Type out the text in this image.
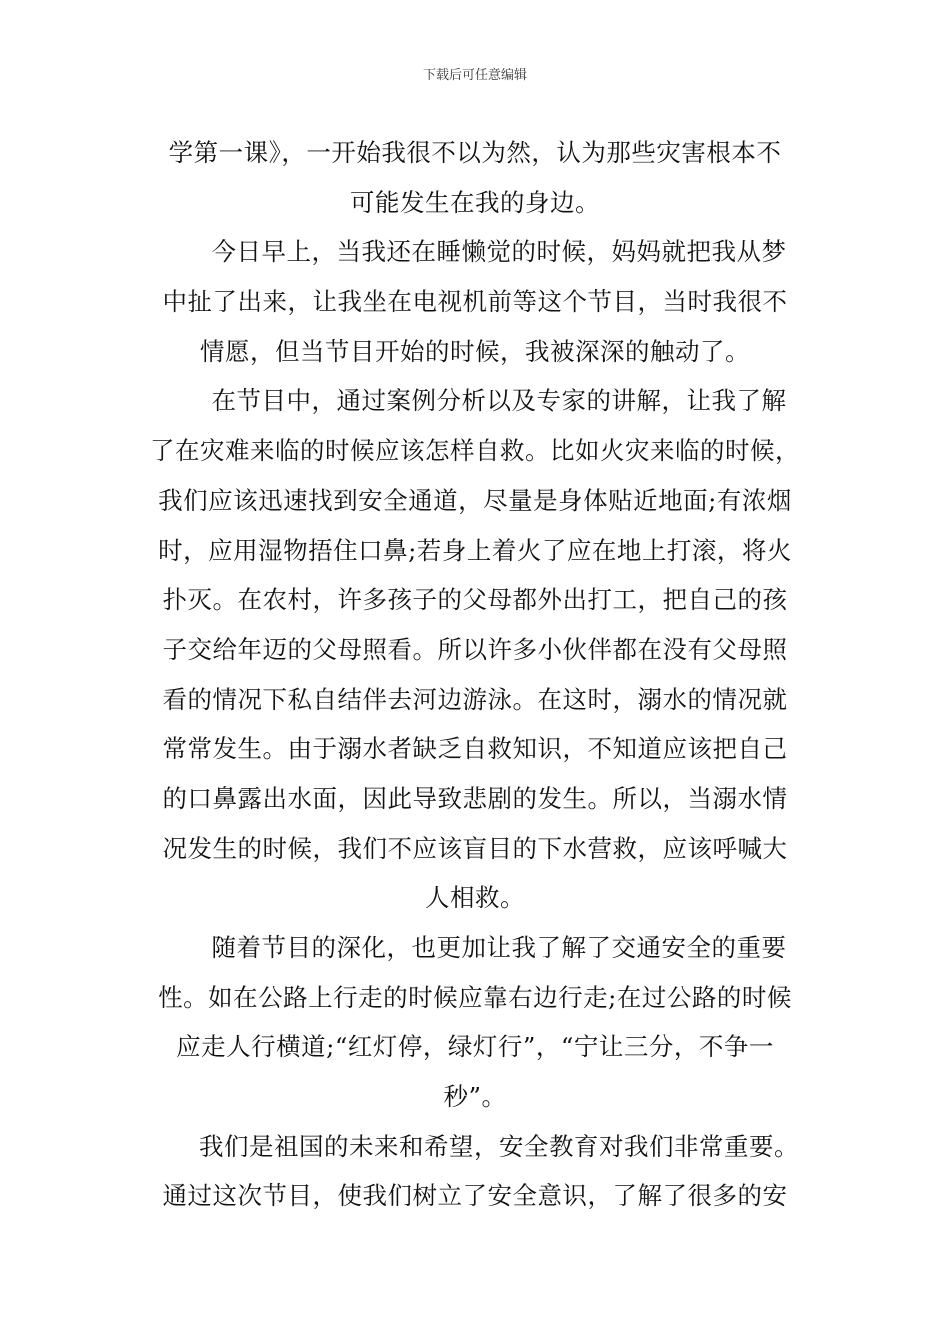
下载后可任意编辑
学第一课》，一开始我很不以为然，认为那些灾害根本不
可能发生在我的身边。
今日早上，当我还在睡懒觉的时候，妈妈就把我从梦
中扯了出来，让我坐在电视机前等这个节目，当时我很不
情愿，但当节目开始的时候，我被深深的触动了。
在节目中，通过案例分析以及专家的讲解，让我了解
了在灾难来临的时候应该怎样自救。比如火灾来临的时候，
我们应该迅速找到安全通道，尽量是身体贴近地面;有浓烟
时，应用湿物捂住口鼻;若身上着火了应在地上打滚，将火
扑灭。在农村，许多孩子的父母都外出打工，把自己的孩
子交给年迈的父母照看。所以许多小伙伴都在没有父母照
看的情况下私自结伴去河边游泳。在这时，溺水的情况就
常常发生。由于溺水者缺乏自救知识，不知道应该把自己
的口鼻露出水面，因此导致悲剧的发生。所以，当溺水情
况发生的时候，我们不应该盲目的下水营救，应该呼喊大
人相救。
随着节目的深化，也更加让我了解了交通安全的重要
性。如在公路上行走的时候应靠右边行走;在过公路的时候
应走人行横道;“红灯停，绿灯行”，“宁让三分，不争一
秒”。
我们是祖国的未来和希望，安全教育对我们非常重要。
通过这次节目，使我们树立了安全意识，了解了很多的安
